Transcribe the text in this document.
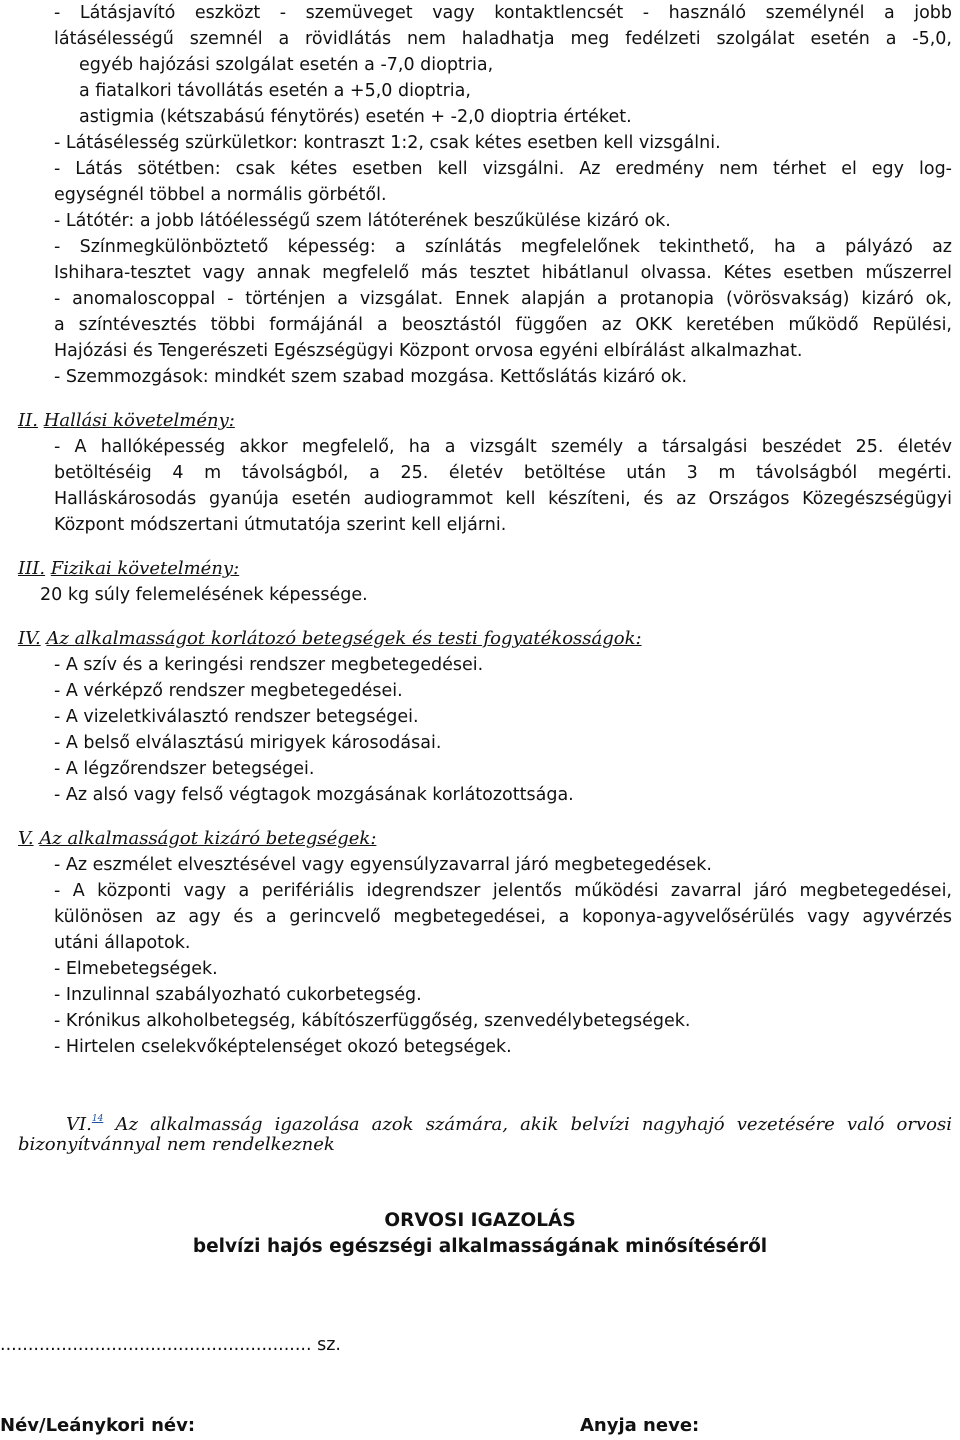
- Látásjavító eszközt - szemüveget vagy kontaktlencsét - használó személynél a jobb
látásélességű szemnél a rövidlátás nem haladhatja meg fedélzeti szolgálat esetén a -5,0,
egyéb hajózási szolgálat esetén a -7,0 dioptria,
a fiatalkori távollátás esetén a +5,0 dioptria,
astigmia (kétszabású fénytörés) esetén + -2,0 dioptria értéket.
- Látásélesség szürkületkor: kontraszt 1:2, csak kétes esetben kell vizsgálni.
- Látás sötétben: csak kétes esetben kell vizsgálni. Az eredmény nem térhet el egy log-
egységnél többel a normális görbétől.
- Látótér: a jobb látóélességű szem látóterének beszűkülése kizáró ok.
- Színmegkülönböztető képesség: a színlátás megfelelőnek tekinthető, ha a pályázó az
Ishihara-tesztet vagy annak megfelelő más tesztet hibátlanul olvassa. Kétes esetben műszerrel
- anomaloscoppal - történjen a vizsgálat. Ennek alapján a protanopia (vörösvakság) kizáró ok,
a színtévesztés többi formájánál a beosztástól függően az OKK keretében működő Repülési,
Hajózási és Tengerészeti Egészségügyi Központ orvosa egyéni elbírálást alkalmazhat.
- Szemmozgások: mindkét szem szabad mozgása. Kettőslátás kizáró ok.
II. Hallási követelmény:
- A hallóképesség akkor megfelelő, ha a vizsgált személy a társalgási beszédet 25. életév
betöltéséig 4 m távolságból, a 25. életév betöltése után 3 m távolságból megérti.
Halláskárosodás gyanúja esetén audiogrammot kell készíteni, és az Országos Közegészségügyi
Központ módszertani útmutatója szerint kell eljárni.
III. Fizikai követelmény:
20 kg súly felemelésének képessége.
IV. Az alkalmasságot korlátozó betegségek és testi fogyatékosságok:
- A szív és a keringési rendszer megbetegedései.
- A vérképző rendszer megbetegedései.
- A vizeletkiválasztó rendszer betegségei.
- A belső elválasztású mirigyek károsodásai.
- A légzőrendszer betegségei.
- Az alsó vagy felső végtagok mozgásának korlátozottsága.
V. Az alkalmasságot kizáró betegségek:
- Az eszmélet elvesztésével vagy egyensúlyzavarral járó megbetegedések.
- A központi vagy a perifériális idegrendszer jelentős működési zavarral járó megbetegedései,
különösen az agy és a gerincvelő megbetegedései, a koponya-agyvelősérülés vagy agyvérzés
utáni állapotok.
- Elmebetegségek.
- Inzulinnal szabályozható cukorbetegség.
- Krónikus alkoholbetegség, kábítószerfüggőség, szenvedélybetegségek.
- Hirtelen cselekvőképtelenséget okozó betegségek.
VI.$^{14}$ Az alkalmasság igazolása azok számára, akik belvízi nagyhajó vezetésére való orvosi
bizonyítvánnyal nem rendelkeznek
ORVOSI IGAZOLÁS
belvízi hajós egészségi alkalmasságának minősítéséről
........................................................ sz.
Név/Leánykori név:	Anyja neve:
